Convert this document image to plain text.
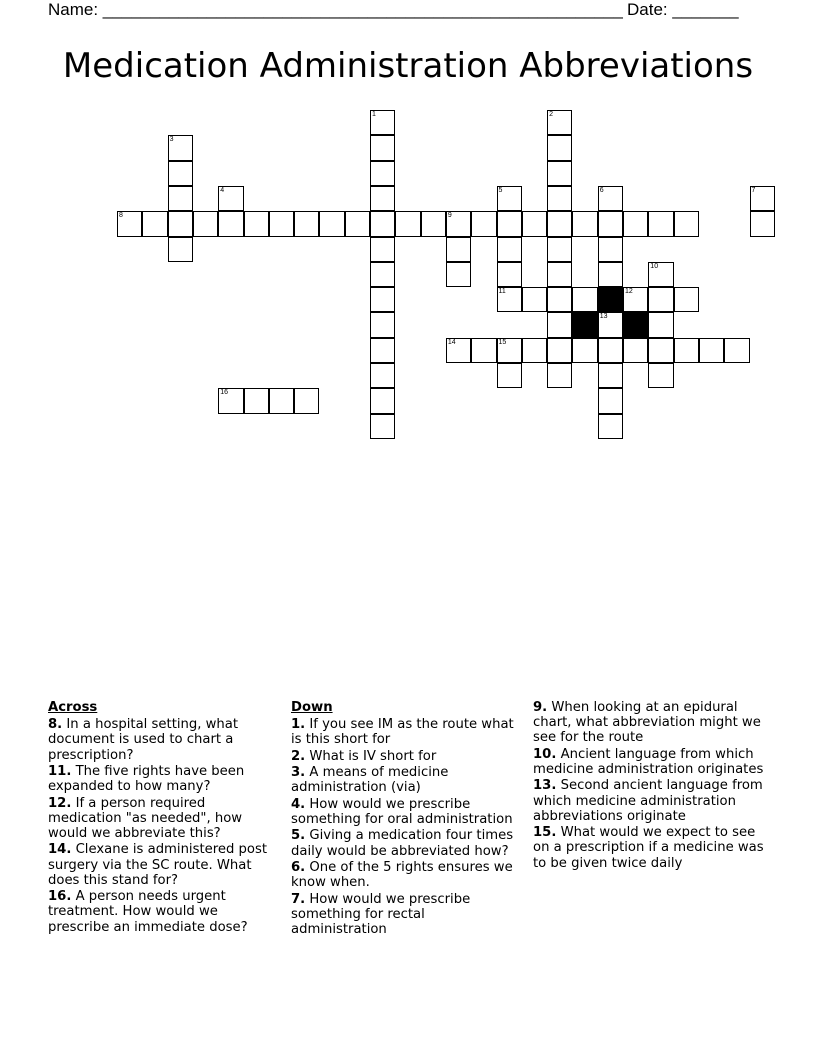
Name: _______________________________________________________ Date: _______
Medication Administration Abbreviations
1	2
3
4	5	6	7
8	9
10
11	12
13
14	15
16
Across
8. In a hospital setting, what document is used to chart a prescription?
11. The five rights have been expanded to how many?
12. If a person required medication "as needed", how would we abbreviate this?
14. Clexane is administered post surgery via the SC route. What does this stand for?
16. A person needs urgent treatment. How would we prescribe an immediate dose?
Down
1. If you see IM as the route what is this short for
2. What is IV short for
3. A means of medicine administration (via)
4. How would we prescribe something for oral administration
5. Giving a medication four times daily would be abbreviated how?
6. One of the 5 rights ensures we know when.
7. How would we prescribe something for rectal administration
9. When looking at an epidural chart, what abbreviation might we see for the route
10. Ancient language from which medicine administration originates
13. Second ancient language from which medicine administration abbreviations originate
15. What would we expect to see on a prescription if a medicine was to be given twice daily
